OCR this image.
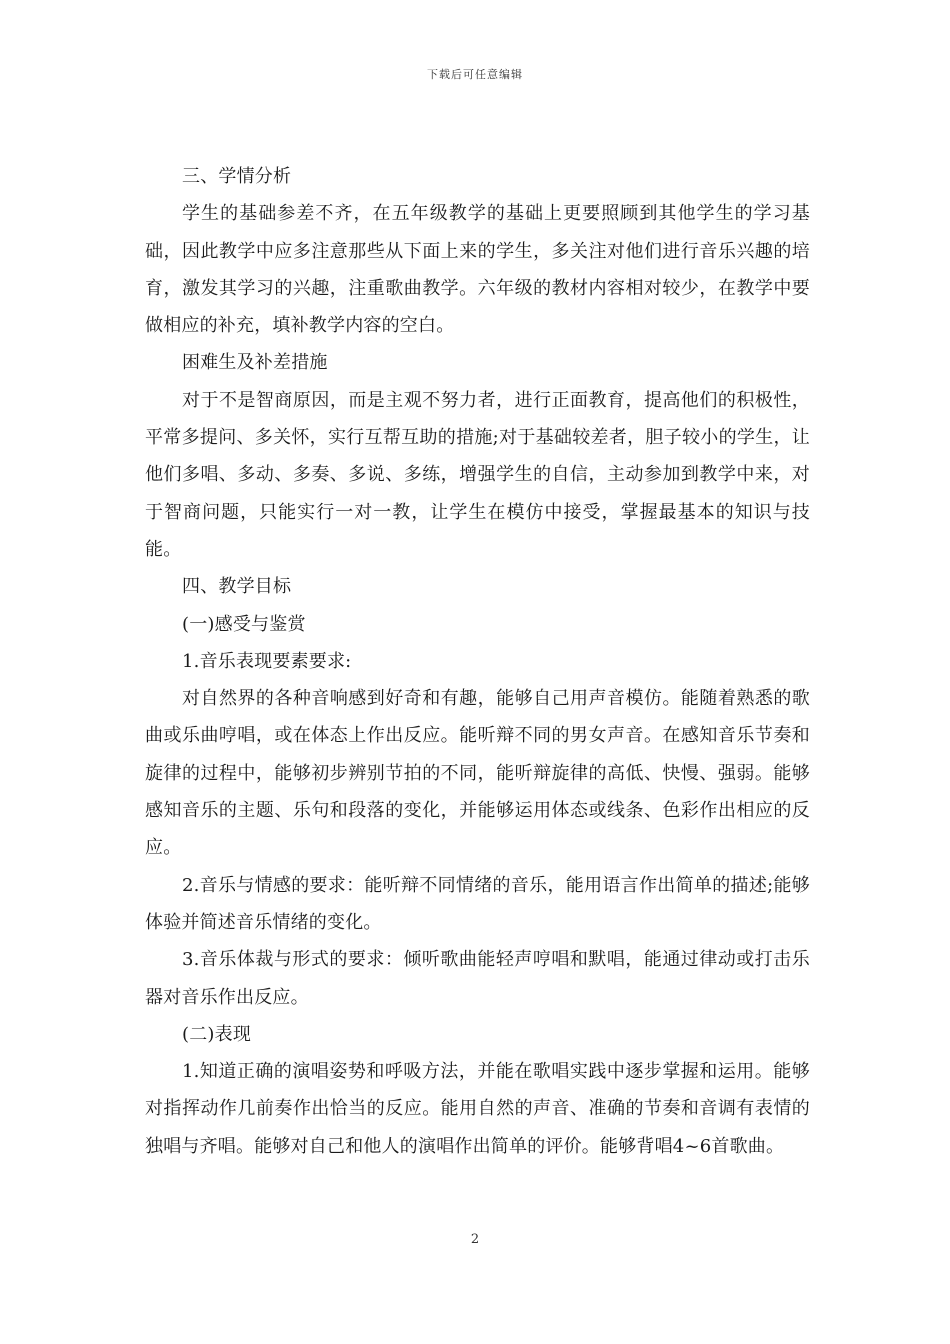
下载后可任意编辑

三、学情分析

学生的基础参差不齐，在五年级教学的基础上更要照顾到其他学生的学习基础，因此教学中应多注意那些从下面上来的学生，多关注对他们进行音乐兴趣的培育，激发其学习的兴趣，注重歌曲教学。六年级的教材内容相对较少，在教学中要做相应的补充，填补教学内容的空白。

困难生及补差措施

对于不是智商原因，而是主观不努力者，进行正面教育，提高他们的积极性，平常多提问、多关怀，实行互帮互助的措施;对于基础较差者，胆子较小的学生，让他们多唱、多动、多奏、多说、多练，增强学生的自信，主动参加到教学中来，对于智商问题，只能实行一对一教，让学生在模仿中接受，掌握最基本的知识与技能。

四、教学目标

(一)感受与鉴赏

1.音乐表现要素要求:

对自然界的各种音响感到好奇和有趣，能够自己用声音模仿。能随着熟悉的歌曲或乐曲哼唱，或在体态上作出反应。能听辩不同的男女声音。在感知音乐节奏和旋律的过程中，能够初步辨别节拍的不同，能听辩旋律的高低、快慢、强弱。能够感知音乐的主题、乐句和段落的变化，并能够运用体态或线条、色彩作出相应的反应。

2.音乐与情感的要求：能听辩不同情绪的音乐，能用语言作出简单的描述;能够体验并简述音乐情绪的变化。

3.音乐体裁与形式的要求：倾听歌曲能轻声哼唱和默唱，能通过律动或打击乐器对音乐作出反应。

(二)表现

1.知道正确的演唱姿势和呼吸方法，并能在歌唱实践中逐步掌握和运用。能够对指挥动作几前奏作出恰当的反应。能用自然的声音、准确的节奏和音调有表情的独唱与齐唱。能够对自己和他人的演唱作出简单的评价。能够背唱4~6首歌曲。

2
